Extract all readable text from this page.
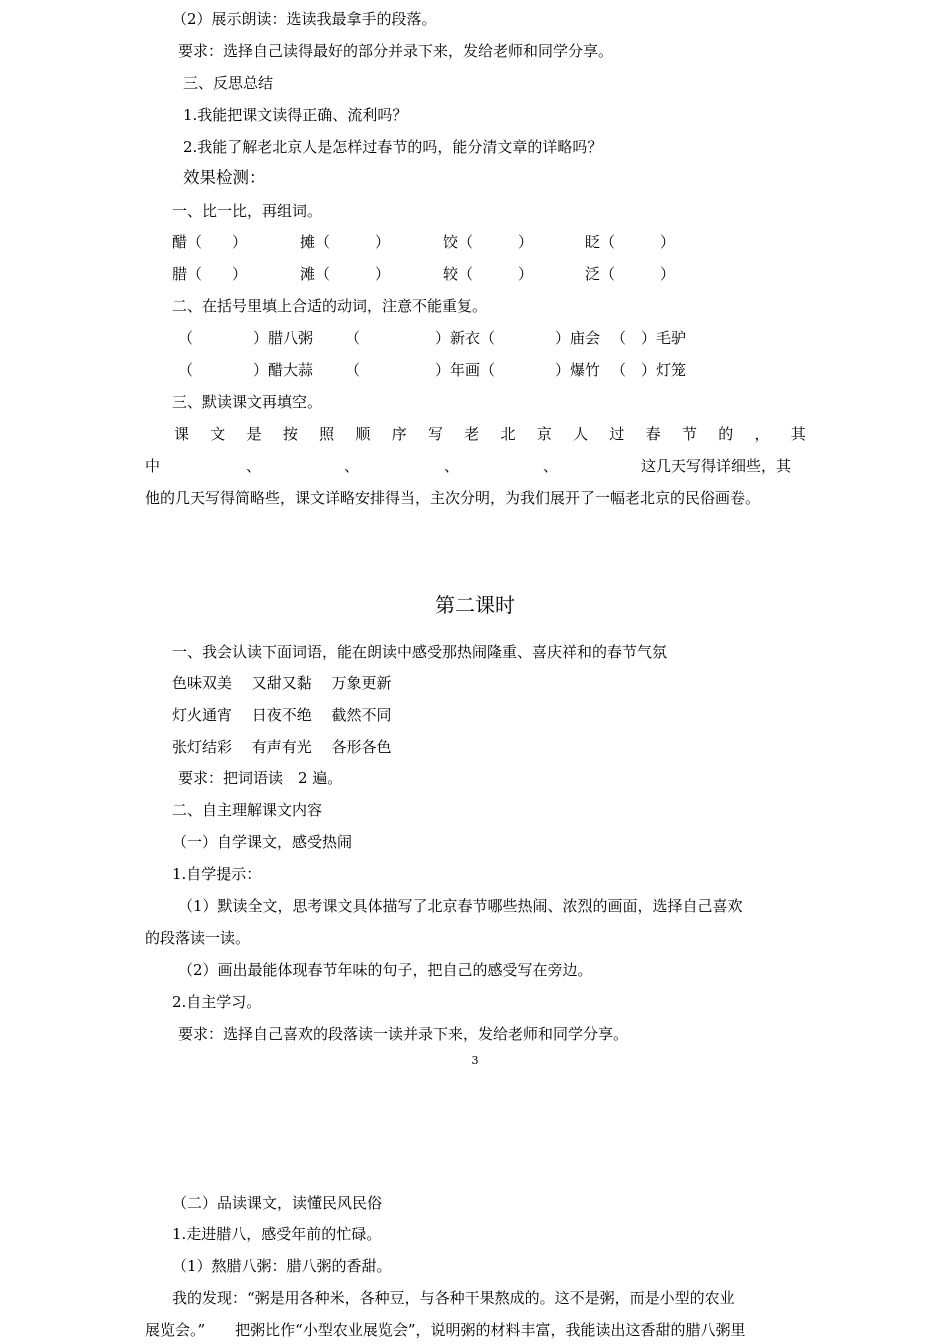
（2）展示朗读：选读我最拿手的段落。
要求：选择自己读得最好的部分并录下来，发给老师和同学分享。
三、反思总结
1.我能把课文读得正确、流利吗？
2.我能了解老北京人是怎样过春节的吗，能分清文章的详略吗？
效果检测：
一、比一比，再组词。
醋（　　）	摊（　　　）	饺（　　　）	眨（　　　）
腊（　　）	滩（　　　）	较（　　　）	泛（　　　）
二、在括号里填上合适的动词，注意不能重复。
（　　　　）腊八粥 （　　　　　）新衣（　　　　）庙会 （　）毛驴
（　　　　）醋大蒜 （　　　　　）年画（　　　　）爆竹 （　）灯笼
三、默读课文再填空。
课 文 是 按 照 顺 序 写 老 北 京 人 过 春 节 的 ， 其
中	、	、	、	、	这几天写得详细些，其
他的几天写得简略些，课文详略安排得当，主次分明，为我们展开了一幅老北京的民俗画卷。
第二课时
一、我会认读下面词语，能在朗读中感受那热闹隆重、喜庆祥和的春节气氛
色味双美　 又甜又黏　 万象更新
灯火通宵　 日夜不绝　 截然不同
张灯结彩　 有声有光　 各形各色
要求：把词语读　2 遍。
二、自主理解课文内容
（一）自学课文，感受热闹
1.自学提示：
（1）默读全文，思考课文具体描写了北京春节哪些热闹、浓烈的画面，选择自己喜欢
的段落读一读。
（2）画出最能体现春节年味的句子，把自己的感受写在旁边。
2.自主学习。
要求：选择自己喜欢的段落读一读并录下来，发给老师和同学分享。
3
（二）品读课文，读懂民风民俗
1.走进腊八，感受年前的忙碌。
（1）熬腊八粥：腊八粥的香甜。
我的发现：“粥是用各种米，各种豆，与各种干果熬成的。这不是粥，而是小型的农业
展览会。”　　把粥比作“小型农业展览会”，说明粥的材料丰富，我能读出这香甜的腊八粥里
